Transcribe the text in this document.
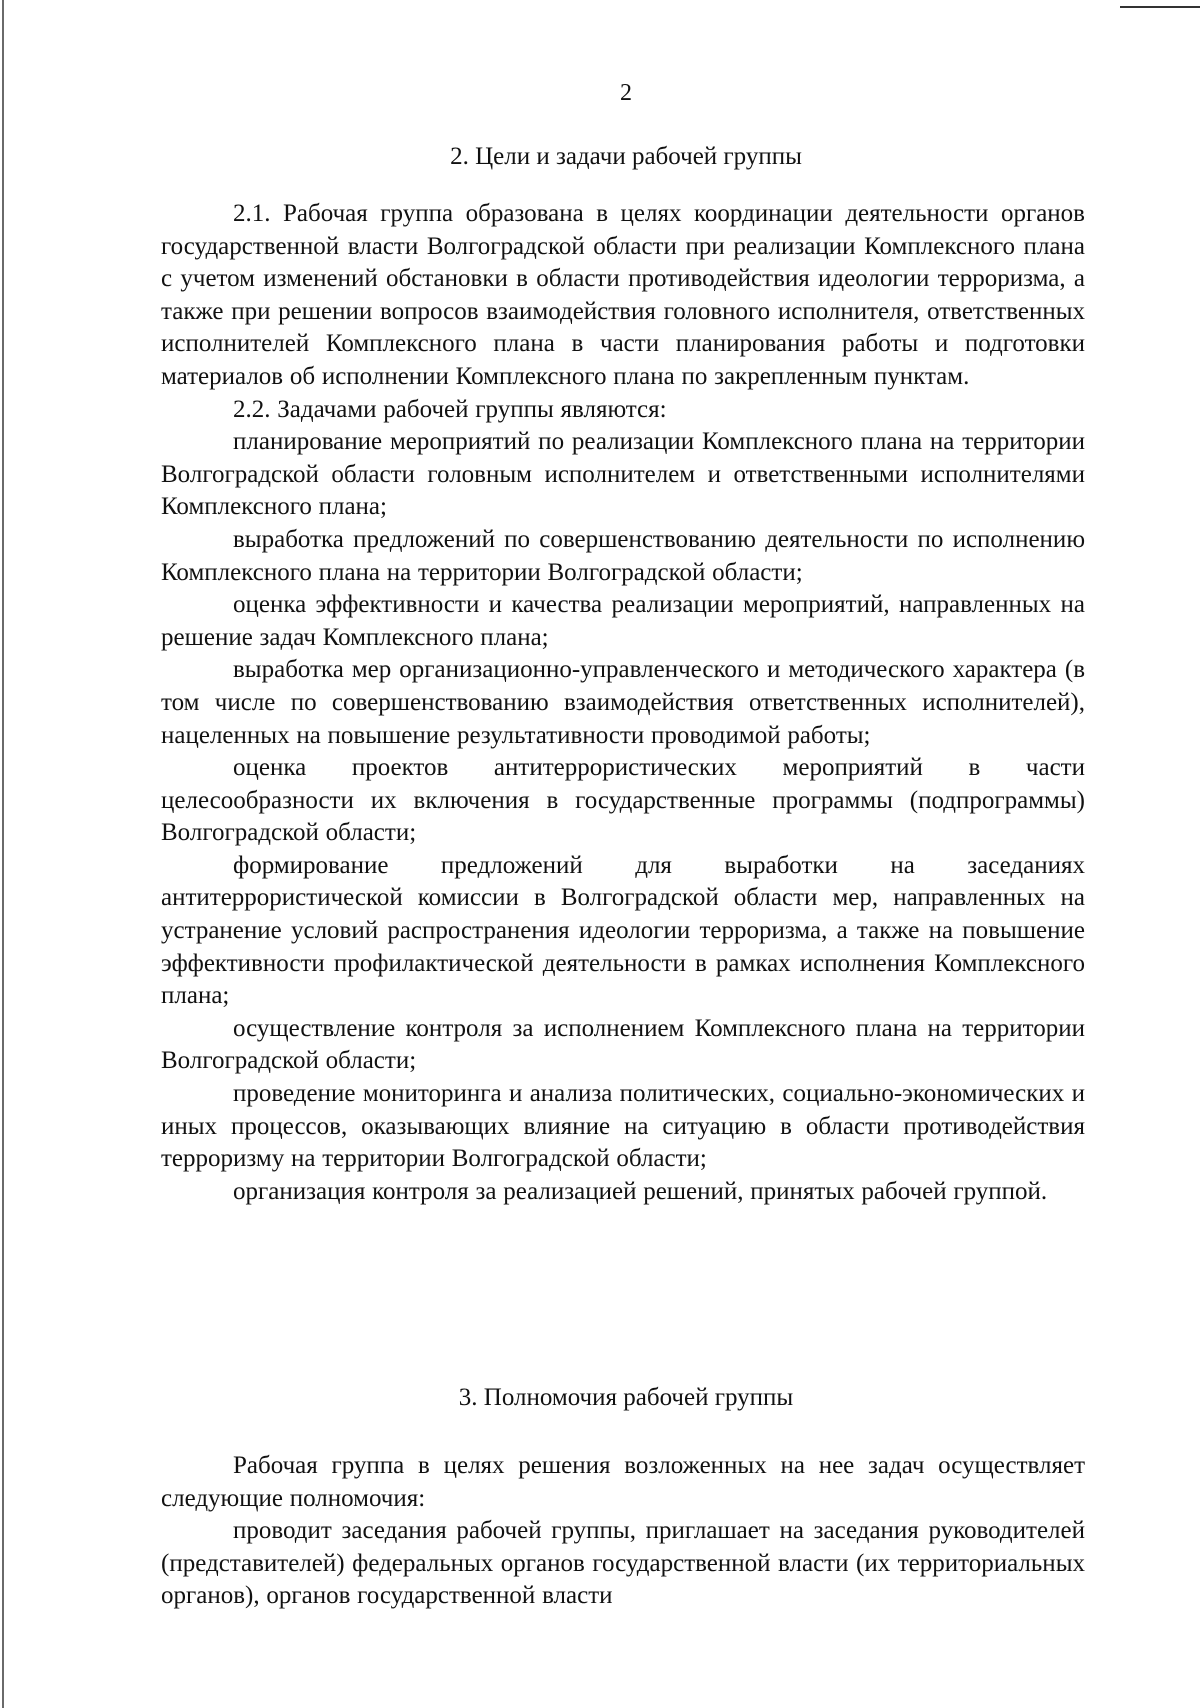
2
2. Цели и задачи рабочей группы

2.1. Рабочая группа образована в целях координации деятельности органов государственной власти Волгоградской области при реализации Комплексного плана с учетом изменений обстановки в области противодействия идеологии терроризма, а также при решении вопросов взаимодействия головного исполнителя, ответственных исполнителей Комплексного плана в части планирования работы и подготовки материалов об исполнении Комплексного плана по закрепленным пунктам.

2.2. Задачами рабочей группы являются:

планирование мероприятий по реализации Комплексного плана на территории Волгоградской области головным исполнителем и ответственными исполнителями Комплексного плана;

выработка предложений по совершенствованию деятельности по исполнению Комплексного плана на территории Волгоградской области;

оценка эффективности и качества реализации мероприятий, направленных на решение задач Комплексного плана;

выработка мер организационно-управленческого и методического характера (в том числе по совершенствованию взаимодействия ответственных исполнителей), нацеленных на повышение результативности проводимой работы;

оценка проектов антитеррористических мероприятий в части целесообразности их включения в государственные программы (подпрограммы) Волгоградской области;

формирование предложений для выработки на заседаниях антитеррористической комиссии в Волгоградской области мер, направленных на устранение условий распространения идеологии терроризма, а также на повышение эффективности профилактической деятельности в рамках исполнения Комплексного плана;

осуществление контроля за исполнением Комплексного плана на территории Волгоградской области;

проведение мониторинга и анализа политических, социально-экономических и иных процессов, оказывающих влияние на ситуацию в области противодействия терроризму на территории Волгоградской области;

организация контроля за реализацией решений, принятых рабочей группой.

3. Полномочия рабочей группы

Рабочая группа в целях решения возложенных на нее задач осуществляет следующие полномочия:

проводит заседания рабочей группы, приглашает на заседания руководителей (представителей) федеральных органов государственной власти (их территориальных органов), органов государственной власти
